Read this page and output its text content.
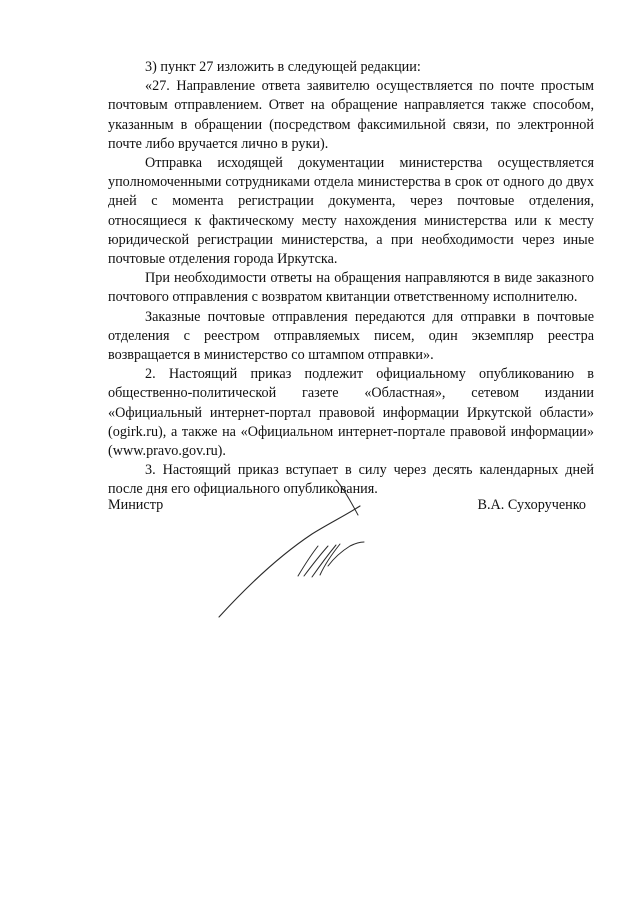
3) пункт 27 изложить в следующей редакции:

«27. Направление ответа заявителю осуществляется по почте простым почтовым отправлением. Ответ на обращение направляется также способом, указанным в обращении (посредством факсимильной связи, по электронной почте либо вручается лично в руки).

Отправка исходящей документации министерства осуществляется уполномоченными сотрудниками отдела министерства в срок от одного до двух дней с момента регистрации документа, через почтовые отделения, относящиеся к фактическому месту нахождения министерства или к месту юридической регистрации министерства, а при необходимости через иные почтовые отделения города Иркутска.

При необходимости ответы на обращения направляются в виде заказного почтового отправления с возвратом квитанции ответственному исполнителю.

Заказные почтовые отправления передаются для отправки в почтовые отделения с реестром отправляемых писем, один экземпляр реестра возвращается в министерство со штампом отправки».

2. Настоящий приказ подлежит официальному опубликованию в общественно-политической газете «Областная», сетевом издании «Официальный интернет-портал правовой информации Иркутской области» (ogirk.ru), а также на «Официальном интернет-портале правовой информации» (www.pravo.gov.ru).

3. Настоящий приказ вступает в силу через десять календарных дней после дня его официального опубликования.

Министр	В.А. Сухорученко
